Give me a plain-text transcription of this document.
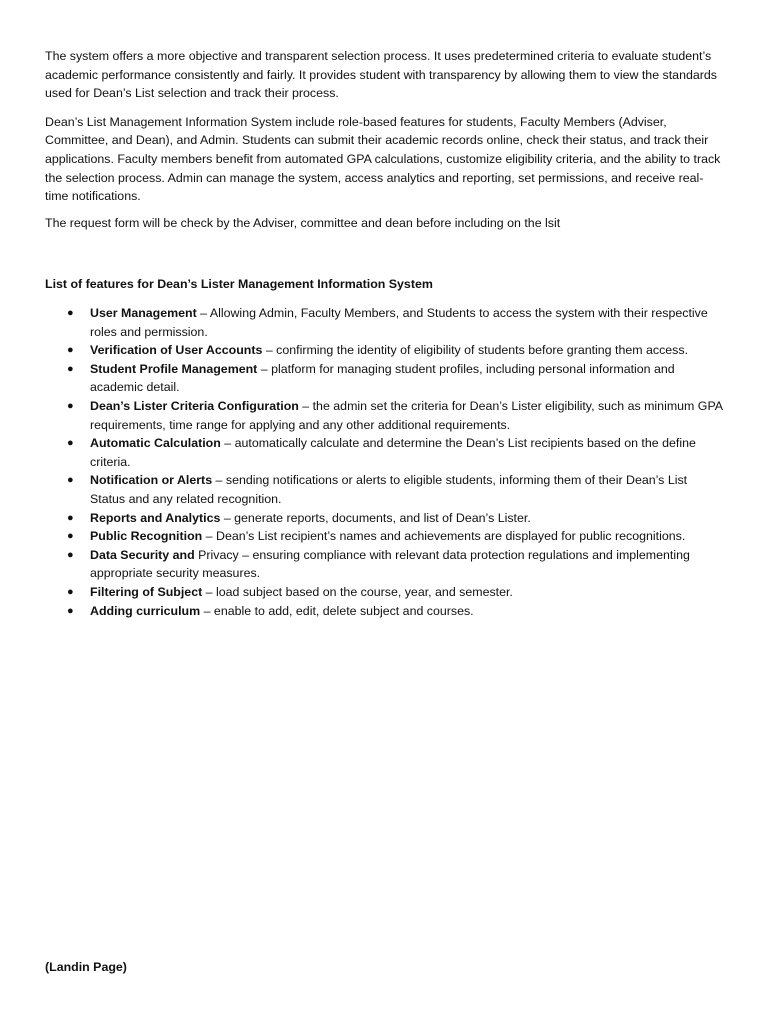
The system offers a more objective and transparent selection process. It uses predetermined criteria to evaluate student’s academic performance consistently and fairly. It provides student with transparency by allowing them to view the standards used for Dean’s List selection and track their process.

Dean’s List Management Information System include role-based features for students, Faculty Members (Adviser, Committee, and Dean), and Admin. Students can submit their academic records online, check their status, and track their applications. Faculty members benefit from automated GPA calculations, customize eligibility criteria, and the ability to track the selection process. Admin can manage the system, access analytics and reporting, set permissions, and receive real-time notifications.

The request form will be check by the Adviser, committee and dean before including on the lsit

List of features for Dean’s Lister Management Information System

● User Management – Allowing Admin, Faculty Members, and Students to access the system with their respective roles and permission.
● Verification of User Accounts – confirming the identity of eligibility of students before granting them access.
● Student Profile Management – platform for managing student profiles, including personal information and academic detail.
● Dean’s Lister Criteria Configuration – the admin set the criteria for Dean’s Lister eligibility, such as minimum GPA requirements, time range for applying and any other additional requirements.
● Automatic Calculation – automatically calculate and determine the Dean’s List recipients based on the define criteria.
● Notification or Alerts – sending notifications or alerts to eligible students, informing them of their Dean’s List Status and any related recognition.
● Reports and Analytics – generate reports, documents, and list of Dean’s Lister.
● Public Recognition – Dean’s List recipient’s names and achievements are displayed for public recognitions.
● Data Security and Privacy – ensuring compliance with relevant data protection regulations and implementing appropriate security measures.
● Filtering of Subject – load subject based on the course, year, and semester.
● Adding curriculum – enable to add, edit, delete subject and courses.

(Landin Page)
